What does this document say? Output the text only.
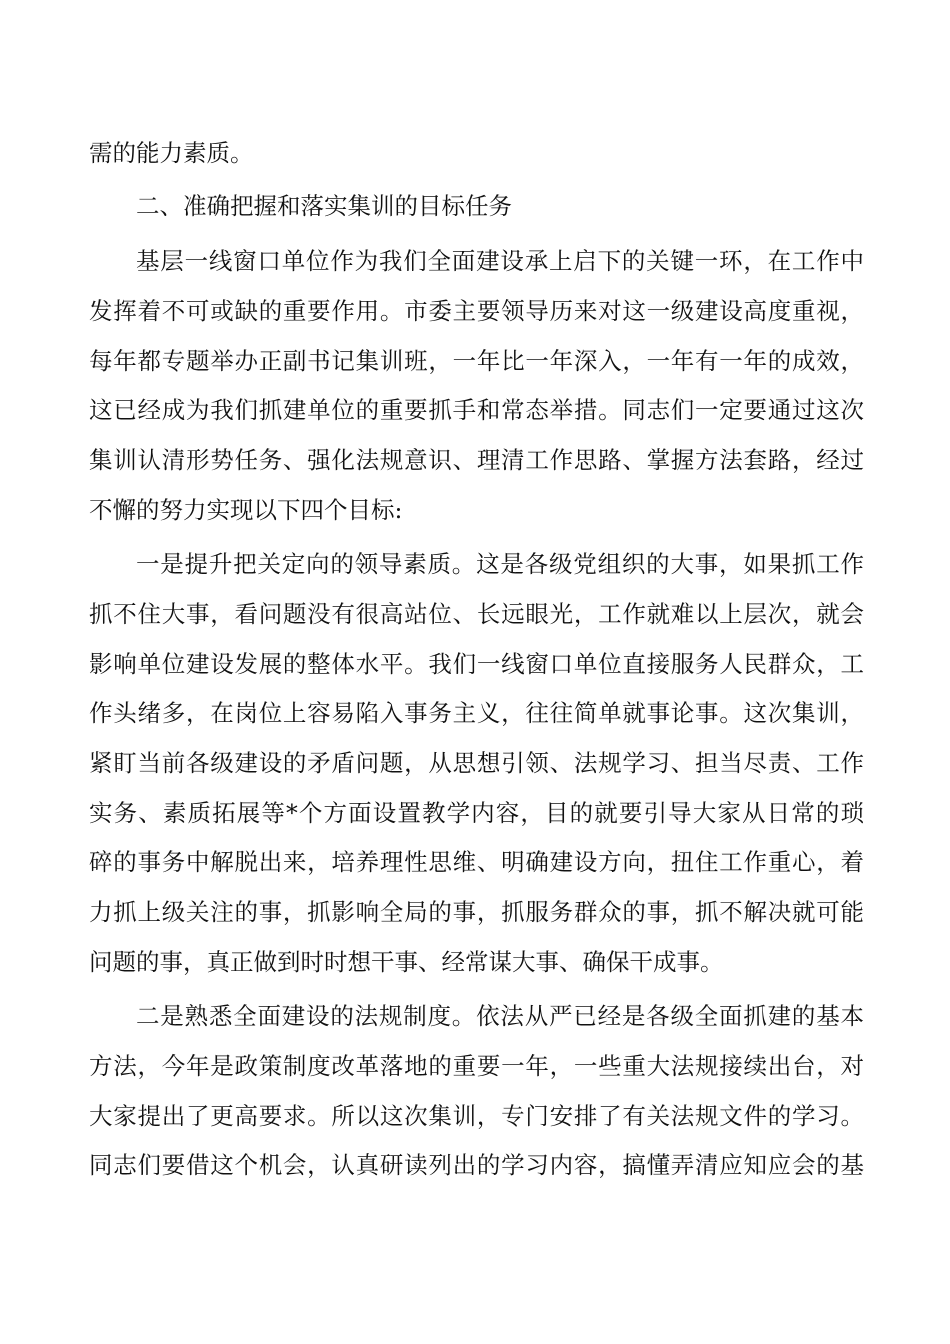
需的能力素质。
二、准确把握和落实集训的目标任务
基层一线窗口单位作为我们全面建设承上启下的关键一环，在工作中
发挥着不可或缺的重要作用。市委主要领导历来对这一级建设高度重视，
每年都专题举办正副书记集训班，一年比一年深入，一年有一年的成效，
这已经成为我们抓建单位的重要抓手和常态举措。同志们一定要通过这次
集训认清形势任务、强化法规意识、理清工作思路、掌握方法套路，经过
不懈的努力实现以下四个目标:
一是提升把关定向的领导素质。这是各级党组织的大事，如果抓工作
抓不住大事，看问题没有很高站位、长远眼光，工作就难以上层次，就会
影响单位建设发展的整体水平。我们一线窗口单位直接服务人民群众，工
作头绪多，在岗位上容易陷入事务主义，往往简单就事论事。这次集训，
紧盯当前各级建设的矛盾问题，从思想引领、法规学习、担当尽责、工作
实务、素质拓展等*个方面设置教学内容，目的就要引导大家从日常的琐
碎的事务中解脱出来，培养理性思维、明确建设方向，扭住工作重心，着
力抓上级关注的事，抓影响全局的事，抓服务群众的事，抓不解决就可能
问题的事，真正做到时时想干事、经常谋大事、确保干成事。
二是熟悉全面建设的法规制度。依法从严已经是各级全面抓建的基本
方法，今年是政策制度改革落地的重要一年，一些重大法规接续出台，对
大家提出了更高要求。所以这次集训，专门安排了有关法规文件的学习。
同志们要借这个机会，认真研读列出的学习内容，搞懂弄清应知应会的基
